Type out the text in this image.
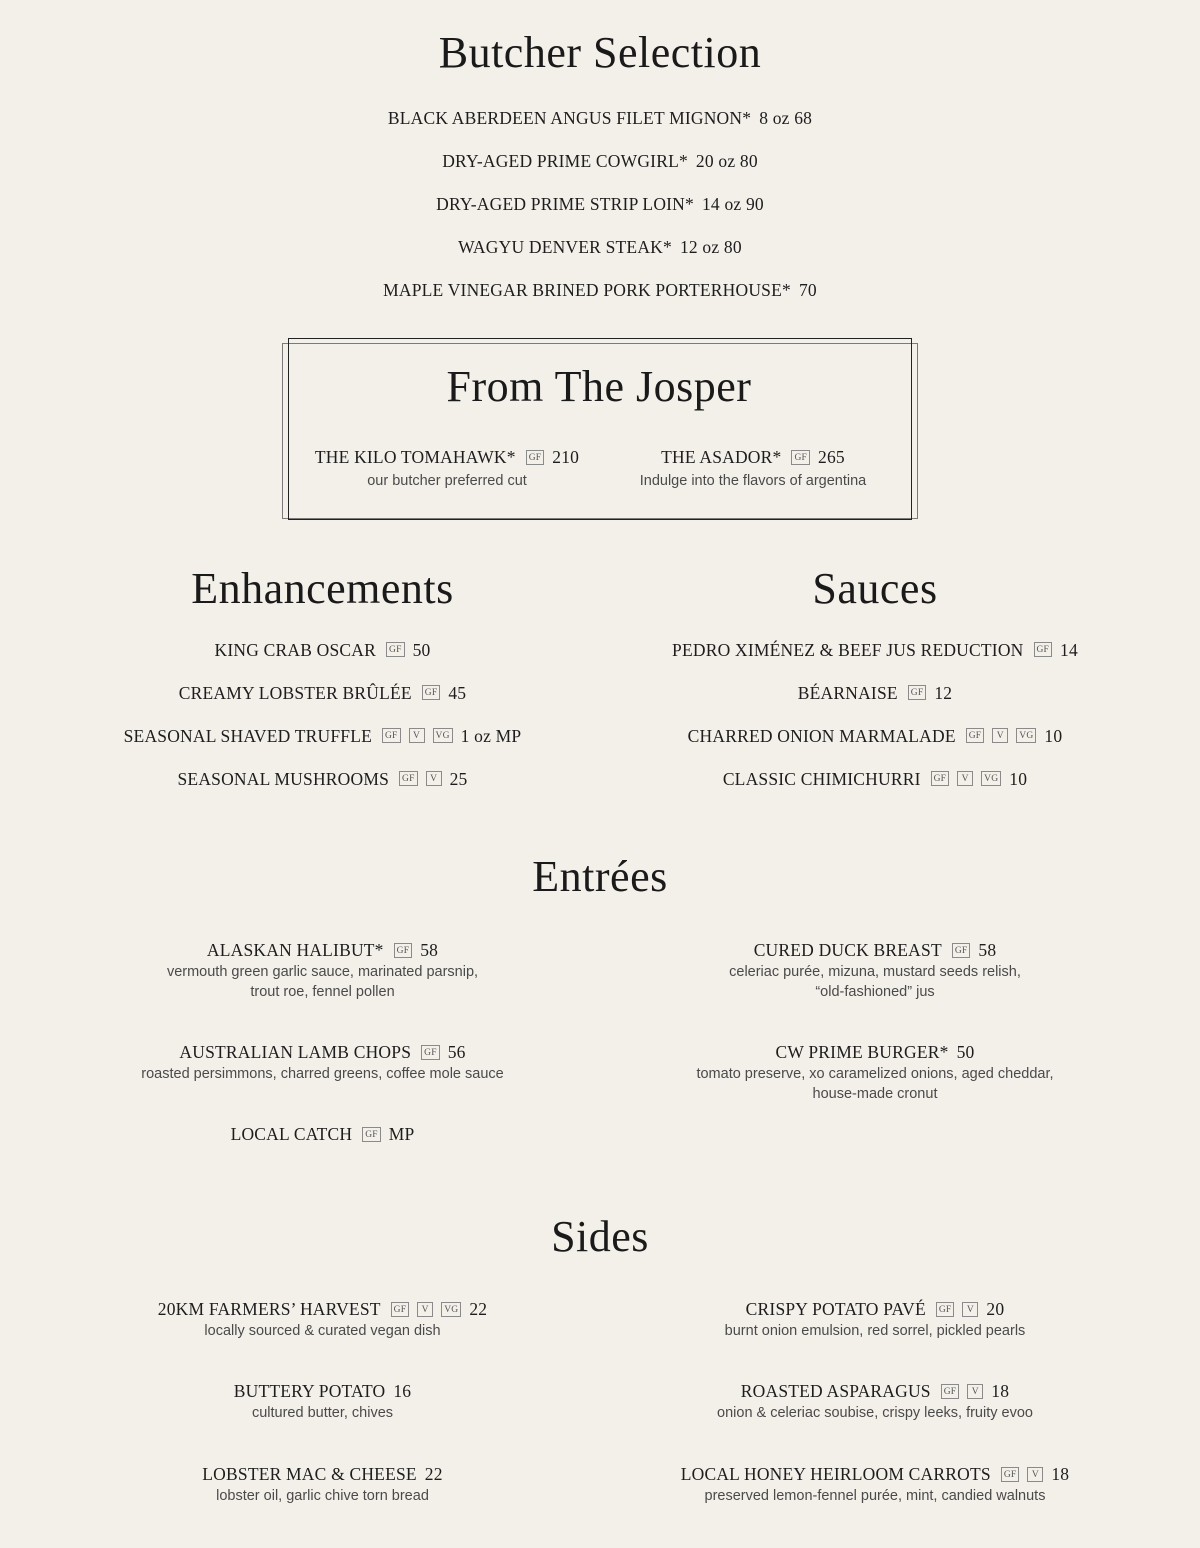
Butcher Selection
BLACK ABERDEEN ANGUS FILET MIGNON* 8 oz 68
DRY-AGED PRIME COWGIRL* 20 oz 80
DRY-AGED PRIME STRIP LOIN* 14 oz 90
WAGYU DENVER STEAK* 12 oz 80
MAPLE VINEGAR BRINED PORK PORTERHOUSE* 70
From The Josper
THE KILO TOMAHAWK*	GF 210
our butcher preferred cut
THE ASADOR*	GF 265
Indulge into the flavors of argentina
Enhancements
KING CRAB OSCAR	GF 50
CREAMY LOBSTER BRÛLÉE	GF 45
SEASONAL SHAVED TRUFFLE	GF	V	VG 1 oz MP
SEASONAL MUSHROOMS	GF	V 25
Sauces
PEDRO XIMÉNEZ & BEEF JUS REDUCTION	GF 14
BÉARNAISE	GF 12
CHARRED ONION MARMALADE	GF	V	VG 10
CLASSIC CHIMICHURRI	GF	V	VG 10
Entrées
ALASKAN HALIBUT*	GF 58
vermouth green garlic sauce, marinated parsnip,
trout roe, fennel pollen
AUSTRALIAN LAMB CHOPS	GF 56
roasted persimmons, charred greens, coffee mole sauce
LOCAL CATCH	GF MP
CURED DUCK BREAST	GF 58
celeriac purée, mizuna, mustard seeds relish,
“old-fashioned” jus
CW PRIME BURGER* 50
tomato preserve, xo caramelized onions, aged cheddar,
house-made cronut
Sides
20KM FARMERS’ HARVEST	GF	V	VG 22
locally sourced & curated vegan dish
BUTTERY POTATO 16
cultured butter, chives
LOBSTER MAC & CHEESE 22
lobster oil, garlic chive torn bread
CRISPY POTATO PAVÉ	GF	V 20
burnt onion emulsion, red sorrel, pickled pearls
ROASTED ASPARAGUS	GF	V 18
onion & celeriac soubise, crispy leeks, fruity evoo
LOCAL HONEY HEIRLOOM CARROTS	GF	V 18
preserved lemon-fennel purée, mint, candied walnuts
